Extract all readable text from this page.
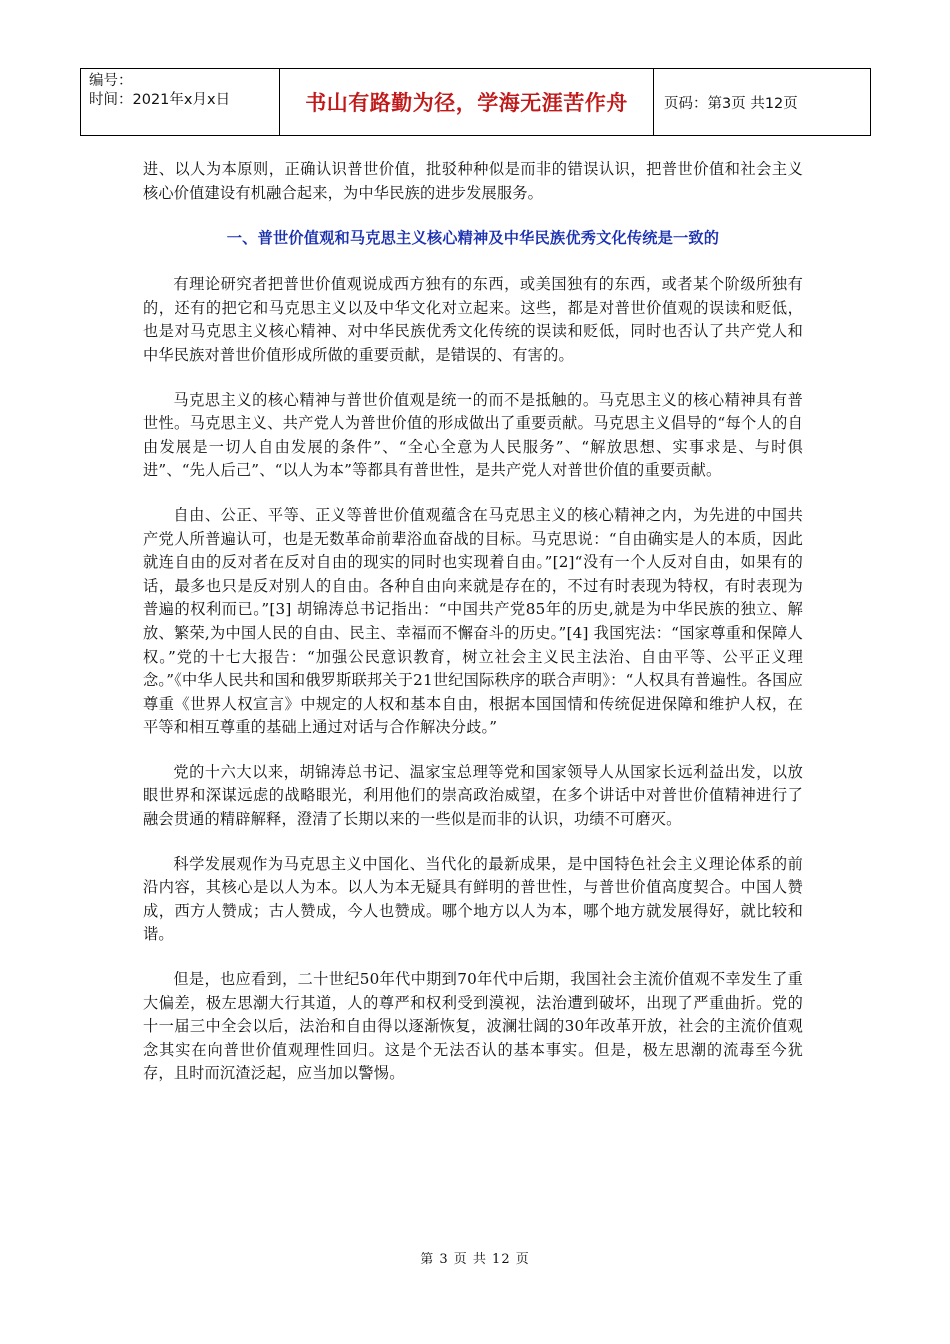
编号：
时间：2021年x月x日	书山有路勤为径，学海无涯苦作舟	页码：第3页 共12页

进、以人为本原则，正确认识普世价值，批驳种种似是而非的错误认识，把普世价值和社会主义核心价值建设有机融合起来，为中华民族的进步发展服务。

一、普世价值观和马克思主义核心精神及中华民族优秀文化传统是一致的

有理论研究者把普世价值观说成西方独有的东西，或美国独有的东西，或者某个阶级所独有的，还有的把它和马克思主义以及中华文化对立起来。这些，都是对普世价值观的误读和贬低，也是对马克思主义核心精神、对中华民族优秀文化传统的误读和贬低，同时也否认了共产党人和中华民族对普世价值形成所做的重要贡献，是错误的、有害的。

马克思主义的核心精神与普世价值观是统一的而不是抵触的。马克思主义的核心精神具有普世性。马克思主义、共产党人为普世价值的形成做出了重要贡献。马克思主义倡导的“每个人的自由发展是一切人自由发展的条件”、“全心全意为人民服务”、“解放思想、实事求是、与时俱进”、“先人后己”、“以人为本”等都具有普世性，是共产党人对普世价值的重要贡献。

自由、公正、平等、正义等普世价值观蕴含在马克思主义的核心精神之内，为先进的中国共产党人所普遍认可，也是无数革命前辈浴血奋战的目标。马克思说：“自由确实是人的本质，因此就连自由的反对者在反对自由的现实的同时也实现着自由。”[2]“没有一个人反对自由，如果有的话，最多也只是反对别人的自由。各种自由向来就是存在的，不过有时表现为特权，有时表现为普遍的权利而已。”[3] 胡锦涛总书记指出：“中国共产党85年的历史,就是为中华民族的独立、解放、繁荣,为中国人民的自由、民主、幸福而不懈奋斗的历史。”[4] 我国宪法：“国家尊重和保障人权。”党的十七大报告：“加强公民意识教育，树立社会主义民主法治、自由平等、公平正义理念。”《中华人民共和国和俄罗斯联邦关于21世纪国际秩序的联合声明》：“人权具有普遍性。各国应尊重《世界人权宣言》中规定的人权和基本自由，根据本国国情和传统促进保障和维护人权，在平等和相互尊重的基础上通过对话与合作解决分歧。”

党的十六大以来，胡锦涛总书记、温家宝总理等党和国家领导人从国家长远利益出发，以放眼世界和深谋远虑的战略眼光，利用他们的崇高政治威望，在多个讲话中对普世价值精神进行了融会贯通的精辟解释，澄清了长期以来的一些似是而非的认识，功绩不可磨灭。

科学发展观作为马克思主义中国化、当代化的最新成果，是中国特色社会主义理论体系的前沿内容，其核心是以人为本。以人为本无疑具有鲜明的普世性，与普世价值高度契合。中国人赞成，西方人赞成；古人赞成，今人也赞成。哪个地方以人为本，哪个地方就发展得好，就比较和谐。

但是，也应看到，二十世纪50年代中期到70年代中后期，我国社会主流价值观不幸发生了重大偏差，极左思潮大行其道，人的尊严和权利受到漠视，法治遭到破坏，出现了严重曲折。党的十一届三中全会以后，法治和自由得以逐渐恢复，波澜壮阔的30年改革开放，社会的主流价值观念其实在向普世价值观理性回归。这是个无法否认的基本事实。但是，极左思潮的流毒至今犹存，且时而沉渣泛起，应当加以警惕。

第 3 页 共 12 页
